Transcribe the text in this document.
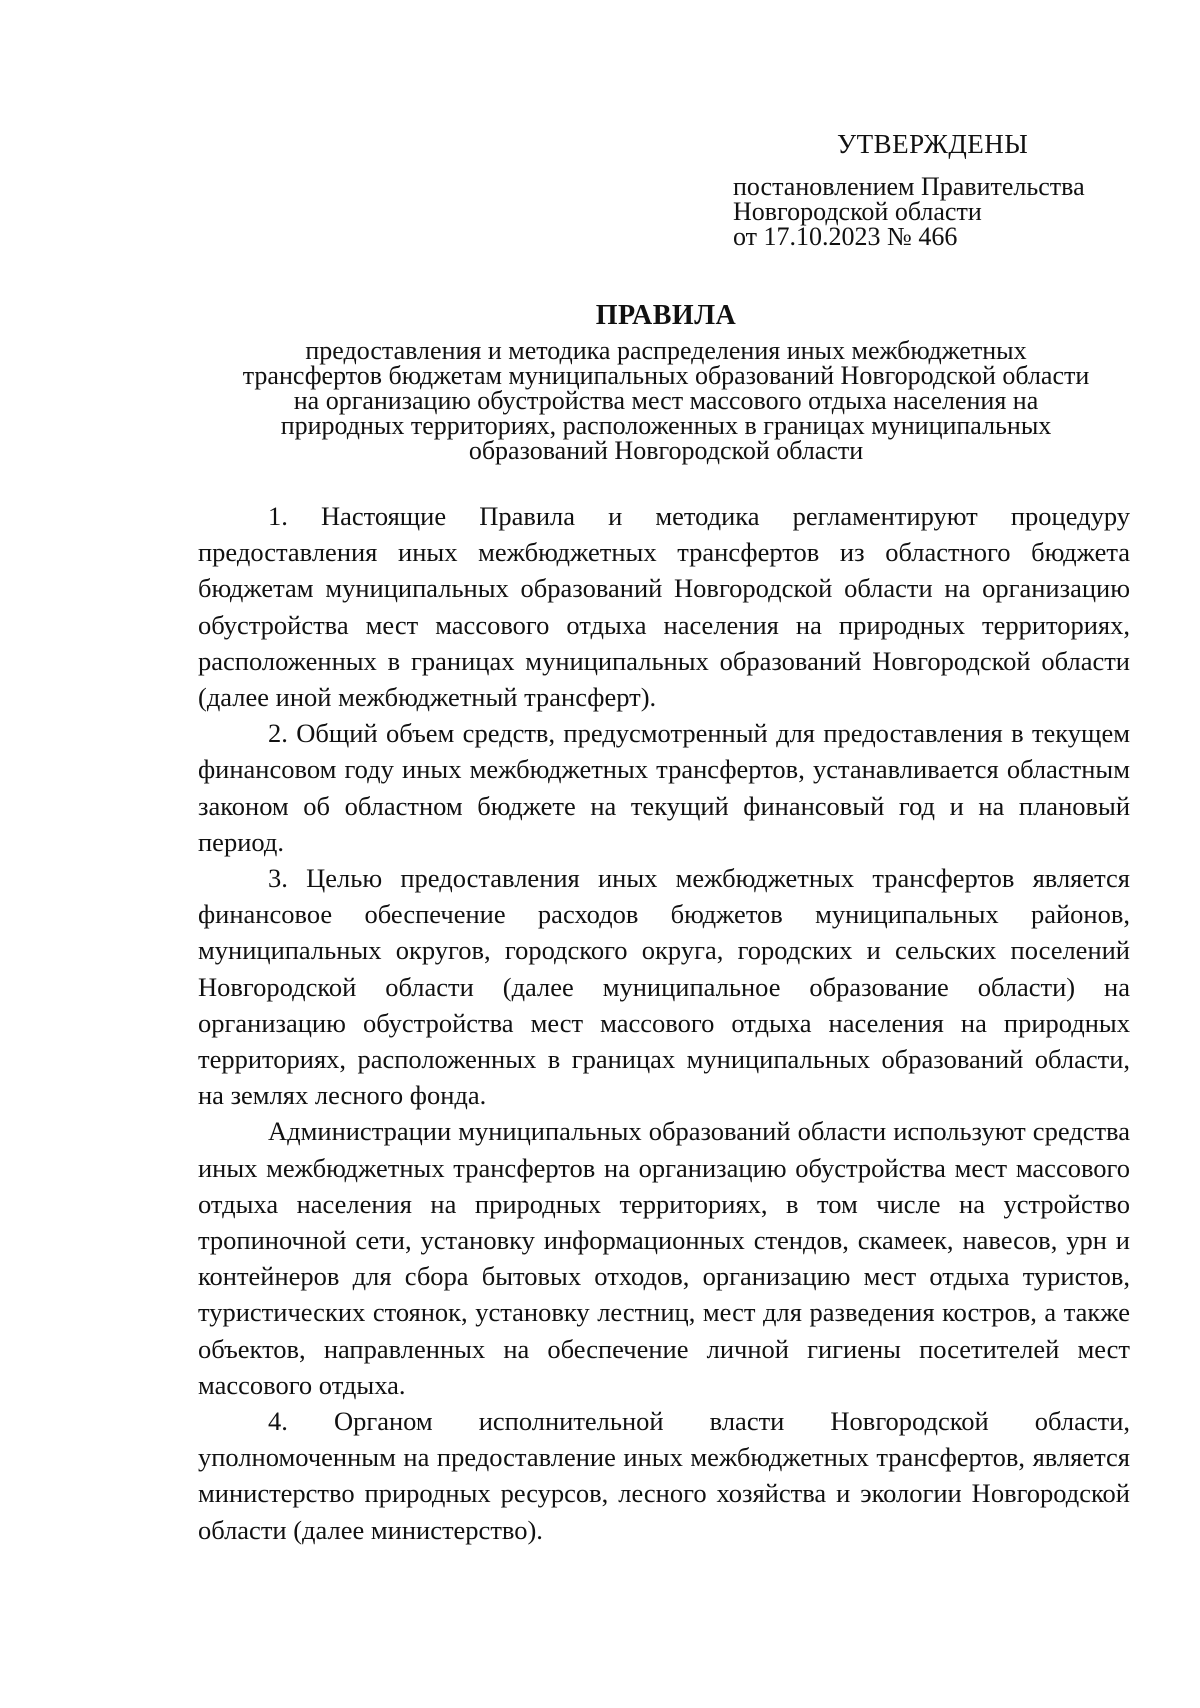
УТВЕРЖДЕНЫ

постановлением Правительства

Новгородской области

от 17.10.2023 № 466

ПРАВИЛА
предоставления и методика распределения иных межбюджетных
трансфертов бюджетам муниципальных образований Новгородской области
на организацию обустройства мест массового отдыха населения на
природных территориях, расположенных в границах муниципальных
образований Новгородской области

1. Настоящие Правила и методика регламентируют процедуру предоставления иных межбюджетных трансфертов из областного бюджета бюджетам муниципальных образований Новгородской области на организацию обустройства мест массового отдыха населения на природных территориях, расположенных в границах муниципальных образований Новгородской области (далее иной межбюджетный трансферт).

2. Общий объем средств, предусмотренный для предоставления в текущем финансовом году иных межбюджетных трансфертов, устанавливается областным законом об областном бюджете на текущий финансовый год и на плановый период.

3. Целью предоставления иных межбюджетных трансфертов является финансовое обеспечение расходов бюджетов муниципальных районов, муниципальных округов, городского округа, городских и сельских поселений Новгородской области (далее муниципальное образование области) на организацию обустройства мест массового отдыха населения на природных территориях, расположенных в границах муниципальных образований области, на землях лесного фонда.

Администрации муниципальных образований области используют средства иных межбюджетных трансфертов на организацию обустройства мест массового отдыха населения на природных территориях, в том числе на устройство тропиночной сети, установку информационных стендов, скамеек, навесов, урн и контейнеров для сбора бытовых отходов, организацию мест отдыха туристов, туристических стоянок, установку лестниц, мест для разведения костров, а также объектов, направленных на обеспечение личной гигиены посетителей мест массового отдыха.

4. Органом исполнительной власти Новгородской области, уполномоченным на предоставление иных межбюджетных трансфертов, является министерство природных ресурсов, лесного хозяйства и экологии Новгородской области (далее министерство).
